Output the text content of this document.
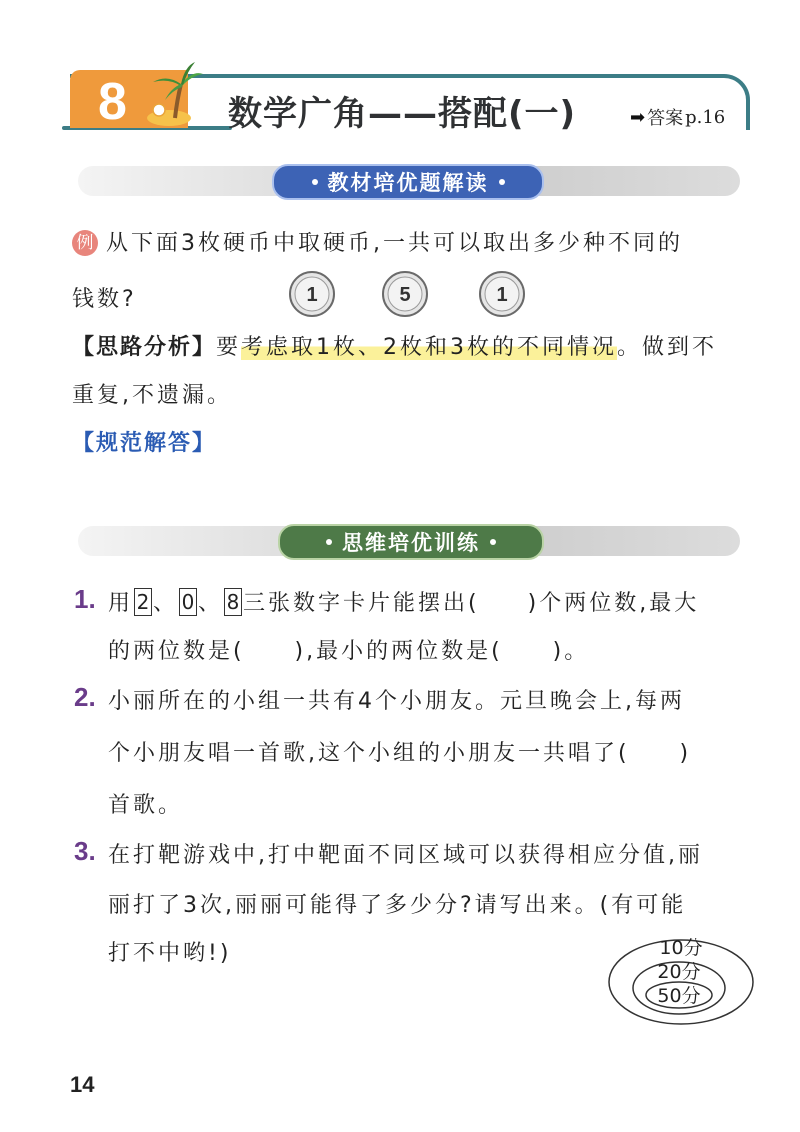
8	数学广角——搭配(一)	➡ 答案 p.16
教材培优题解读
例 从下面3枚硬币中取硬币,一共可以取出多少种不同的
钱数?	1	5	1
【思路分析】要考虑取1枚、2枚和3枚的不同情况。做到不
重复,不遗漏。
【规范解答】
思维培优训练
1. 用 2 、 0 、 8 三张数字卡片能摆出( )个两位数,最大
的两位数是(     ),最小的两位数是(     )。
2. 小丽所在的小组一共有4个小朋友。元旦晚会上,每两
个小朋友唱一首歌,这个小组的小朋友一共唱了(     )
首歌。
3. 在打靶游戏中,打中靶面不同区域可以获得相应分值,丽
丽打了3次,丽丽可能得了多少分?请写出来。(有可能
打不中哟!)	10分
20分
50分
14
